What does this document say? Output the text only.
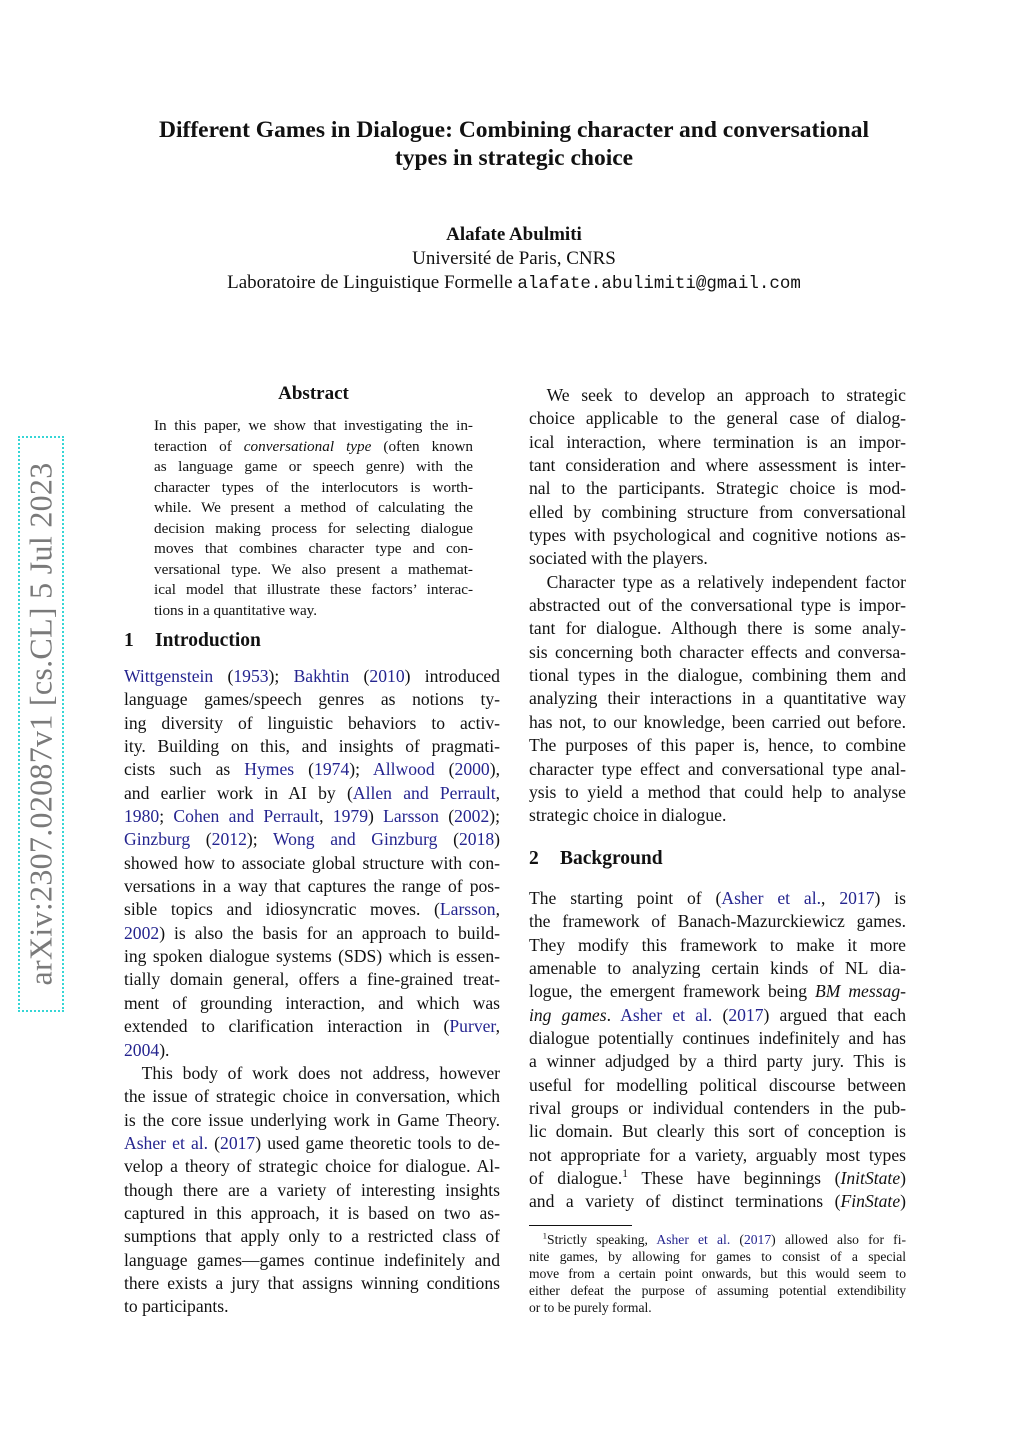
arXiv:2307.02087v1 [cs.CL] 5 Jul 2023
Different Games in Dialogue: Combining character and conversational
types in strategic choice
Alafate Abulmiti
Université de Paris, CNRS
Laboratoire de Linguistique Formelle alafate.abulimiti@gmail.com
Abstract
In this paper, we show that investigating the in-
teraction of conversational type (often known
as language game or speech genre) with the
character types of the interlocutors is worth-
while. We present a method of calculating the
decision making process for selecting dialogue
moves that combines character type and con-
versational type. We also present a mathemat-
ical model that illustrate these factors’ interac-
tions in a quantitative way.
1 Introduction
Wittgenstein (1953); Bakhtin (2010) introduced
language games/speech genres as notions ty-
ing diversity of linguistic behaviors to activ-
ity. Building on this, and insights of pragmati-
cists such as Hymes (1974); Allwood (2000),
and earlier work in AI by (Allen and Perrault,
1980; Cohen and Perrault, 1979) Larsson (2002);
Ginzburg (2012); Wong and Ginzburg (2018)
showed how to associate global structure with con-
versations in a way that captures the range of pos-
sible topics and idiosyncratic moves. (Larsson,
2002) is also the basis for an approach to build-
ing spoken dialogue systems (SDS) which is essen-
tially domain general, offers a fine-grained treat-
ment of grounding interaction, and which was
extended to clarification interaction in (Purver,
2004).
 This body of work does not address, however
the issue of strategic choice in conversation, which
is the core issue underlying work in Game Theory.
Asher et al. (2017) used game theoretic tools to de-
velop a theory of strategic choice for dialogue. Al-
though there are a variety of interesting insights
captured in this approach, it is based on two as-
sumptions that apply only to a restricted class of
language games—games continue indefinitely and
there exists a jury that assigns winning conditions
to participants.
 We seek to develop an approach to strategic
choice applicable to the general case of dialog-
ical interaction, where termination is an impor-
tant consideration and where assessment is inter-
nal to the participants. Strategic choice is mod-
elled by combining structure from conversational
types with psychological and cognitive notions as-
sociated with the players.
 Character type as a relatively independent factor
abstracted out of the conversational type is impor-
tant for dialogue. Although there is some analy-
sis concerning both character effects and conversa-
tional types in the dialogue, combining them and
analyzing their interactions in a quantitative way
has not, to our knowledge, been carried out before.
The purposes of this paper is, hence, to combine
character type effect and conversational type anal-
ysis to yield a method that could help to analyse
strategic choice in dialogue.
2 Background
The starting point of (Asher et al., 2017) is
the framework of Banach-Mazurckiewicz games.
They modify this framework to make it more
amenable to analyzing certain kinds of NL dia-
logue, the emergent framework being BM messag-
ing games. Asher et al. (2017) argued that each
dialogue potentially continues indefinitely and has
a winner adjudged by a third party jury. This is
useful for modelling political discourse between
rival groups or individual contenders in the pub-
lic domain. But clearly this sort of conception is
not appropriate for a variety, arguably most types
of dialogue.$^1$ These have beginnings (InitState)
and a variety of distinct terminations (FinState)
 $^1$Strictly speaking, Asher et al. (2017) allowed also for fi-
nite games, by allowing for games to consist of a special
move from a certain point onwards, but this would seem to
either defeat the purpose of assuming potential extendibility
or to be purely formal.
